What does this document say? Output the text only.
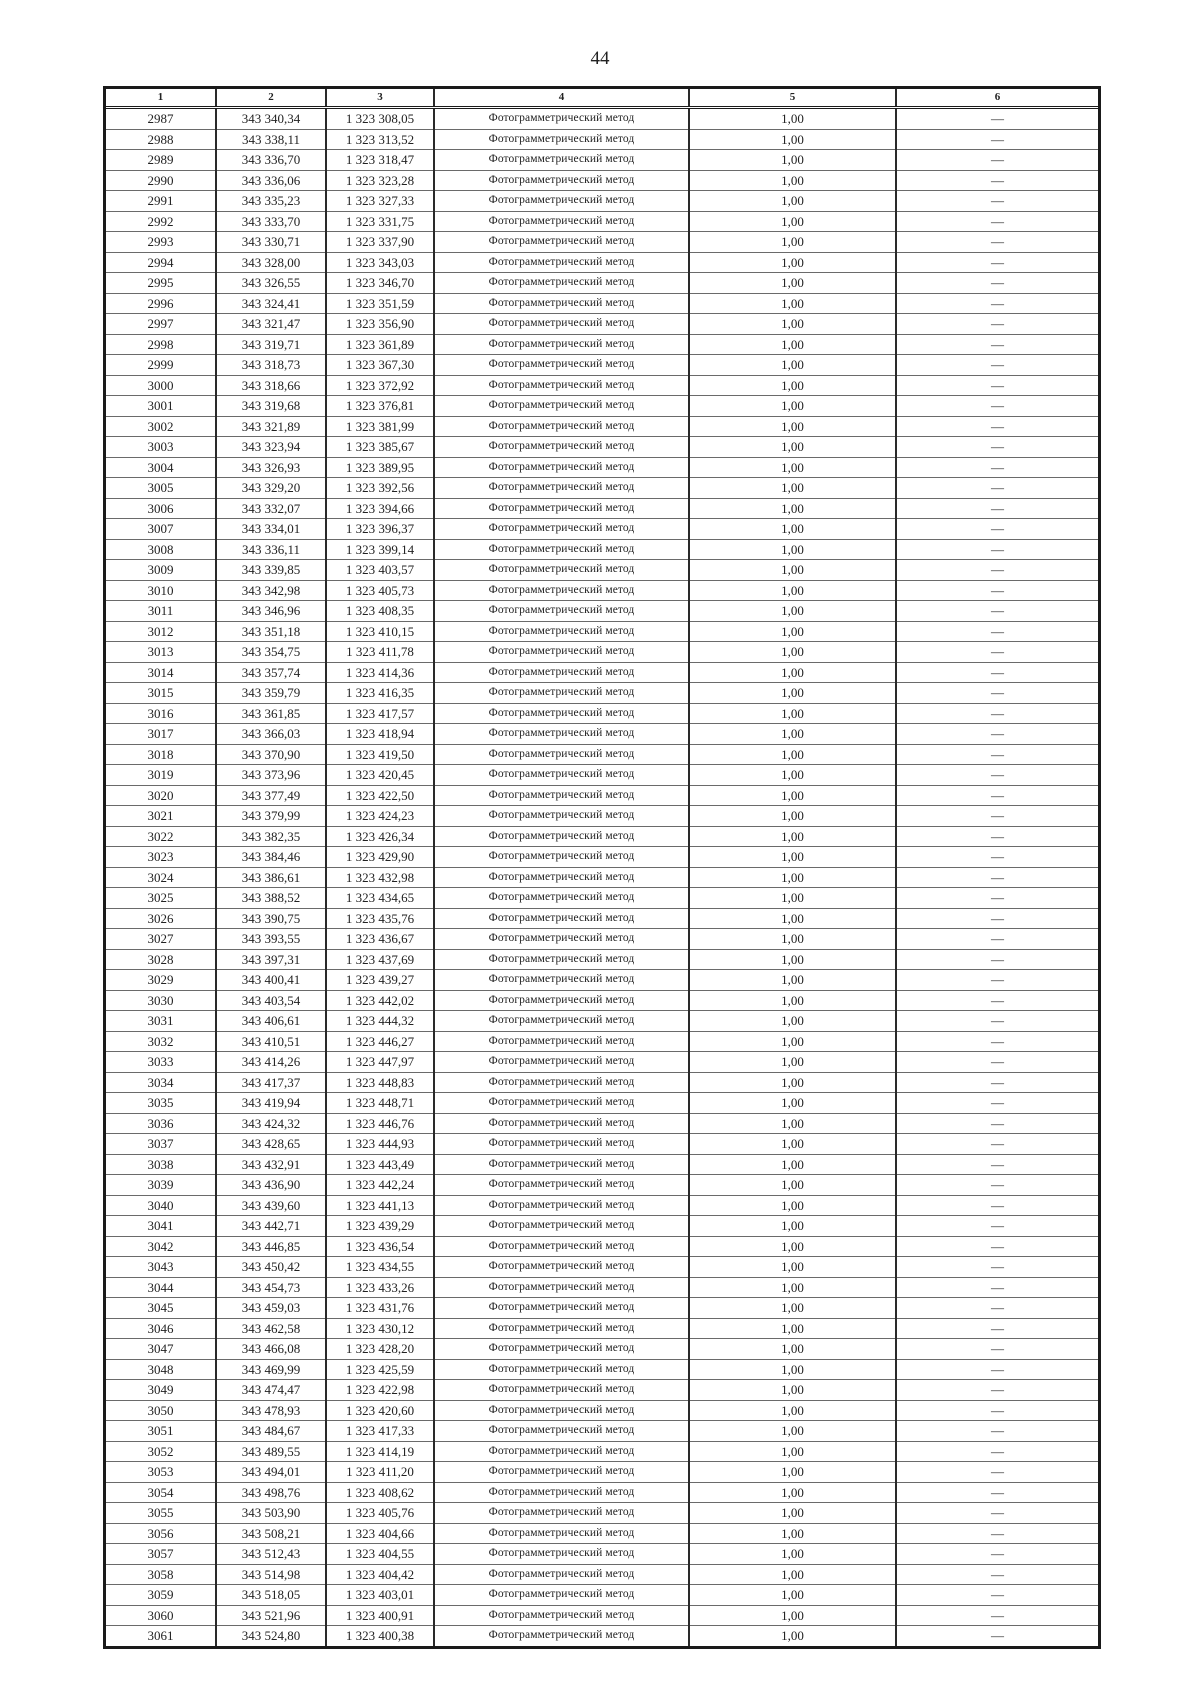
44
1	2	3	4	5	6
2987	343 340,34	1 323 308,05	Фотограмметрический метод	1,00	—
2988	343 338,11	1 323 313,52	Фотограмметрический метод	1,00	—
2989	343 336,70	1 323 318,47	Фотограмметрический метод	1,00	—
2990	343 336,06	1 323 323,28	Фотограмметрический метод	1,00	—
2991	343 335,23	1 323 327,33	Фотограмметрический метод	1,00	—
2992	343 333,70	1 323 331,75	Фотограмметрический метод	1,00	—
2993	343 330,71	1 323 337,90	Фотограмметрический метод	1,00	—
2994	343 328,00	1 323 343,03	Фотограмметрический метод	1,00	—
2995	343 326,55	1 323 346,70	Фотограмметрический метод	1,00	—
2996	343 324,41	1 323 351,59	Фотограмметрический метод	1,00	—
2997	343 321,47	1 323 356,90	Фотограмметрический метод	1,00	—
2998	343 319,71	1 323 361,89	Фотограмметрический метод	1,00	—
2999	343 318,73	1 323 367,30	Фотограмметрический метод	1,00	—
3000	343 318,66	1 323 372,92	Фотограмметрический метод	1,00	—
3001	343 319,68	1 323 376,81	Фотограмметрический метод	1,00	—
3002	343 321,89	1 323 381,99	Фотограмметрический метод	1,00	—
3003	343 323,94	1 323 385,67	Фотограмметрический метод	1,00	—
3004	343 326,93	1 323 389,95	Фотограмметрический метод	1,00	—
3005	343 329,20	1 323 392,56	Фотограмметрический метод	1,00	—
3006	343 332,07	1 323 394,66	Фотограмметрический метод	1,00	—
3007	343 334,01	1 323 396,37	Фотограмметрический метод	1,00	—
3008	343 336,11	1 323 399,14	Фотограмметрический метод	1,00	—
3009	343 339,85	1 323 403,57	Фотограмметрический метод	1,00	—
3010	343 342,98	1 323 405,73	Фотограмметрический метод	1,00	—
3011	343 346,96	1 323 408,35	Фотограмметрический метод	1,00	—
3012	343 351,18	1 323 410,15	Фотограмметрический метод	1,00	—
3013	343 354,75	1 323 411,78	Фотограмметрический метод	1,00	—
3014	343 357,74	1 323 414,36	Фотограмметрический метод	1,00	—
3015	343 359,79	1 323 416,35	Фотограмметрический метод	1,00	—
3016	343 361,85	1 323 417,57	Фотограмметрический метод	1,00	—
3017	343 366,03	1 323 418,94	Фотограмметрический метод	1,00	—
3018	343 370,90	1 323 419,50	Фотограмметрический метод	1,00	—
3019	343 373,96	1 323 420,45	Фотограмметрический метод	1,00	—
3020	343 377,49	1 323 422,50	Фотограмметрический метод	1,00	—
3021	343 379,99	1 323 424,23	Фотограмметрический метод	1,00	—
3022	343 382,35	1 323 426,34	Фотограмметрический метод	1,00	—
3023	343 384,46	1 323 429,90	Фотограмметрический метод	1,00	—
3024	343 386,61	1 323 432,98	Фотограмметрический метод	1,00	—
3025	343 388,52	1 323 434,65	Фотограмметрический метод	1,00	—
3026	343 390,75	1 323 435,76	Фотограмметрический метод	1,00	—
3027	343 393,55	1 323 436,67	Фотограмметрический метод	1,00	—
3028	343 397,31	1 323 437,69	Фотограмметрический метод	1,00	—
3029	343 400,41	1 323 439,27	Фотограмметрический метод	1,00	—
3030	343 403,54	1 323 442,02	Фотограмметрический метод	1,00	—
3031	343 406,61	1 323 444,32	Фотограмметрический метод	1,00	—
3032	343 410,51	1 323 446,27	Фотограмметрический метод	1,00	—
3033	343 414,26	1 323 447,97	Фотограмметрический метод	1,00	—
3034	343 417,37	1 323 448,83	Фотограмметрический метод	1,00	—
3035	343 419,94	1 323 448,71	Фотограмметрический метод	1,00	—
3036	343 424,32	1 323 446,76	Фотограмметрический метод	1,00	—
3037	343 428,65	1 323 444,93	Фотограмметрический метод	1,00	—
3038	343 432,91	1 323 443,49	Фотограмметрический метод	1,00	—
3039	343 436,90	1 323 442,24	Фотограмметрический метод	1,00	—
3040	343 439,60	1 323 441,13	Фотограмметрический метод	1,00	—
3041	343 442,71	1 323 439,29	Фотограмметрический метод	1,00	—
3042	343 446,85	1 323 436,54	Фотограмметрический метод	1,00	—
3043	343 450,42	1 323 434,55	Фотограмметрический метод	1,00	—
3044	343 454,73	1 323 433,26	Фотограмметрический метод	1,00	—
3045	343 459,03	1 323 431,76	Фотограмметрический метод	1,00	—
3046	343 462,58	1 323 430,12	Фотограмметрический метод	1,00	—
3047	343 466,08	1 323 428,20	Фотограмметрический метод	1,00	—
3048	343 469,99	1 323 425,59	Фотограмметрический метод	1,00	—
3049	343 474,47	1 323 422,98	Фотограмметрический метод	1,00	—
3050	343 478,93	1 323 420,60	Фотограмметрический метод	1,00	—
3051	343 484,67	1 323 417,33	Фотограмметрический метод	1,00	—
3052	343 489,55	1 323 414,19	Фотограмметрический метод	1,00	—
3053	343 494,01	1 323 411,20	Фотограмметрический метод	1,00	—
3054	343 498,76	1 323 408,62	Фотограмметрический метод	1,00	—
3055	343 503,90	1 323 405,76	Фотограмметрический метод	1,00	—
3056	343 508,21	1 323 404,66	Фотограмметрический метод	1,00	—
3057	343 512,43	1 323 404,55	Фотограмметрический метод	1,00	—
3058	343 514,98	1 323 404,42	Фотограмметрический метод	1,00	—
3059	343 518,05	1 323 403,01	Фотограмметрический метод	1,00	—
3060	343 521,96	1 323 400,91	Фотограмметрический метод	1,00	—
3061	343 524,80	1 323 400,38	Фотограмметрический метод	1,00	—
